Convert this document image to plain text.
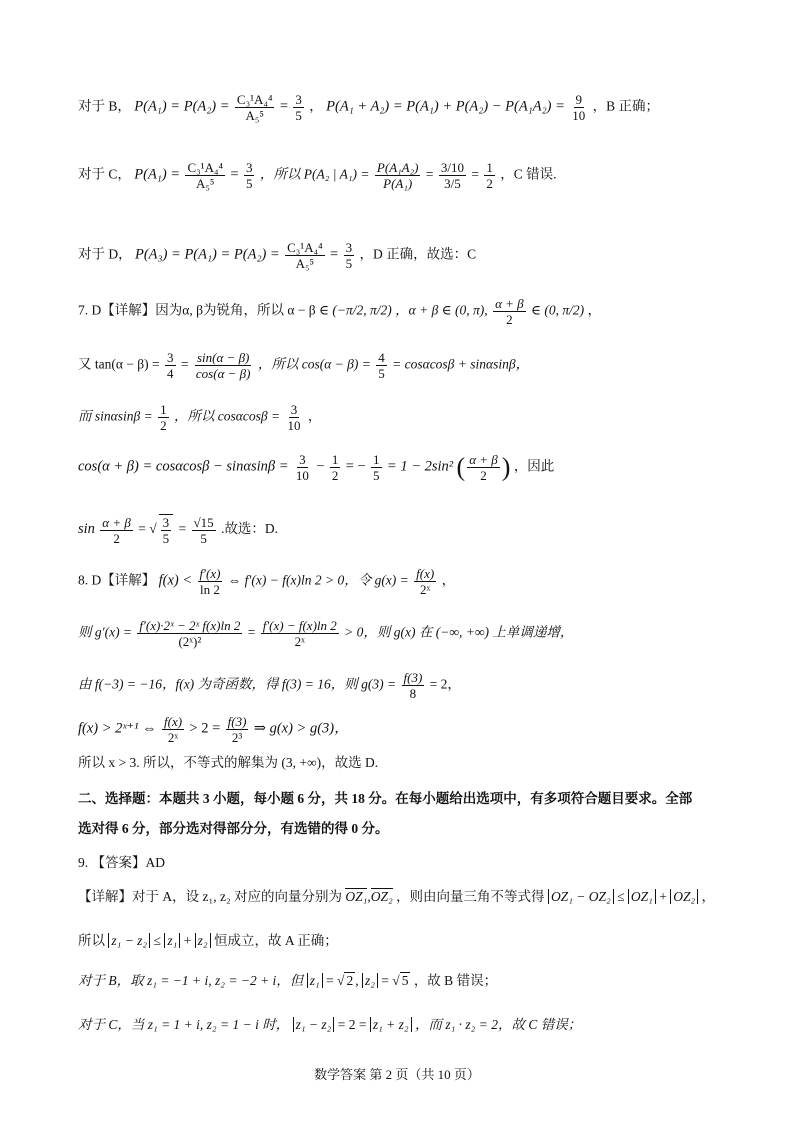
对于 B， $P(A_1) = P(A_2) = \frac{\text{C₃¹A₄⁴}}{\text{A₅⁵}} = \frac{3}{5}$ ， $P(A_1 + A_2) = P(A_1) + P(A_2) - P(A_1A_2) = \frac{9}{10}$ ，B 正确；
对于 C， $P(A_1) = \frac{\text{C₃¹A₄⁴}}{\text{A₅⁵}} = \frac{3}{5}$ ，所以 P(A₂ | $A_1) = \frac{\text{P(A₁A₂)}}{\text{P(A₁)}} = \frac{3/10}{3/5} = \frac{1}{2}$ ，C 错误.
对于 D， $P(A_3) = P(A_1) = P(A_2) = \frac{\text{C₃¹A₄⁴}}{\text{A₅⁵}} = \frac{3}{5}$ ，D 正确，故选：C
7. D【详解】因为α, β为锐角，所以 α − β ∈ (−π/2, π/2) ，α + β ∈ (0, π), $\frac{\alpha + \beta}{2}$ ∈ (0, π/2) ，
又 $\tan(\alpha - \beta) = \frac{3}{4} = \frac{\sin(\alpha - \beta)}{\cos(\alpha - \beta)}$ ，所以 $\cos(\alpha - \beta) = \frac{4}{5} = \cos\alpha\cos\beta + \sin\alpha\sin\beta$，
而 $\sin\alpha\sin\beta = \frac{1}{2}$ ，所以 $\cos\alpha\cos\beta = \frac{3}{10}$ ，
$\cos(\alpha + \beta) = \cos\alpha\cos\beta - \sin\alpha\sin\beta = \frac{3}{10} - \frac{1}{2}$ = − $\frac{1}{5} = 1 - 2\sin^2$ ( $\frac{\alpha + \beta}{2}$ ) ，因此
$\sin \frac{\alpha + \beta}{2}$ = √ $\frac{3}{5} = \frac{√15}{5}$ .故选：D.
8. D【详解】 $f(x) < \frac{f'(x)}{\ln 2}$ ⇔ f′(x) − f(x)ln 2 > 0，令 $g(x) = \frac{f(x)}{\text{2ˣ}}$ ，
则 $g'(x) = \frac{\text{f′(x)·2ˣ − 2ˣ f(x)ln 2}}{\text{(2ˣ)²}} = \frac{f'(x) - f(x)\ln 2}{\text{2ˣ}} > 0$，则 g(x) 在 (−∞, +∞) 上单调递增，
由 f(−3) = −16，f(x) 为奇函数，得 f(3) = 16，则 $g(3) = \frac{f(3)}{8} = 2$，
f(x) > 2ˣ⁺¹ ⇔ $\frac{f(x)}{\text{2ˣ}} > 2 = \frac{f(3)}{\text{2³}}$ ⇒ g(x) > g(3)，
所以 x > 3. 所以，不等式的解集为 (3, +∞)，故选 D.
二、选择题：本题共 3 小题，每小题 6 分，共 18 分。在每小题给出选项中，有多项符合题目要求。全部
选对得 6 分，部分选对得部分分，有选错的得 0 分。
9. 【答案】AD
【详解】对于 A，设 z₁, z₂ 对应的向量分别为 OZ₁,OZ₂ ，则由向量三角不等式得 OZ₁ − OZ₂ ≤ OZ₁ + OZ₂ ，
所以 z₁ − z₂ ≤ z₁ + z₂ 恒成立，故 A 正确；
对于 B，取 z₁ = −1 + i, z₂ = −2 + i，但 z₁ = √ 2 , z₂ = √ 5 ，故 B 错误；
对于 C，当 z₁ = 1 + i, z₂ = 1 − i 时， z₁ − z₂ = 2 = z₁ + z₂ ，而 z₁ · z₂ = 2，故 C 错误；
数学答案 第 2 页（共 10 页）
